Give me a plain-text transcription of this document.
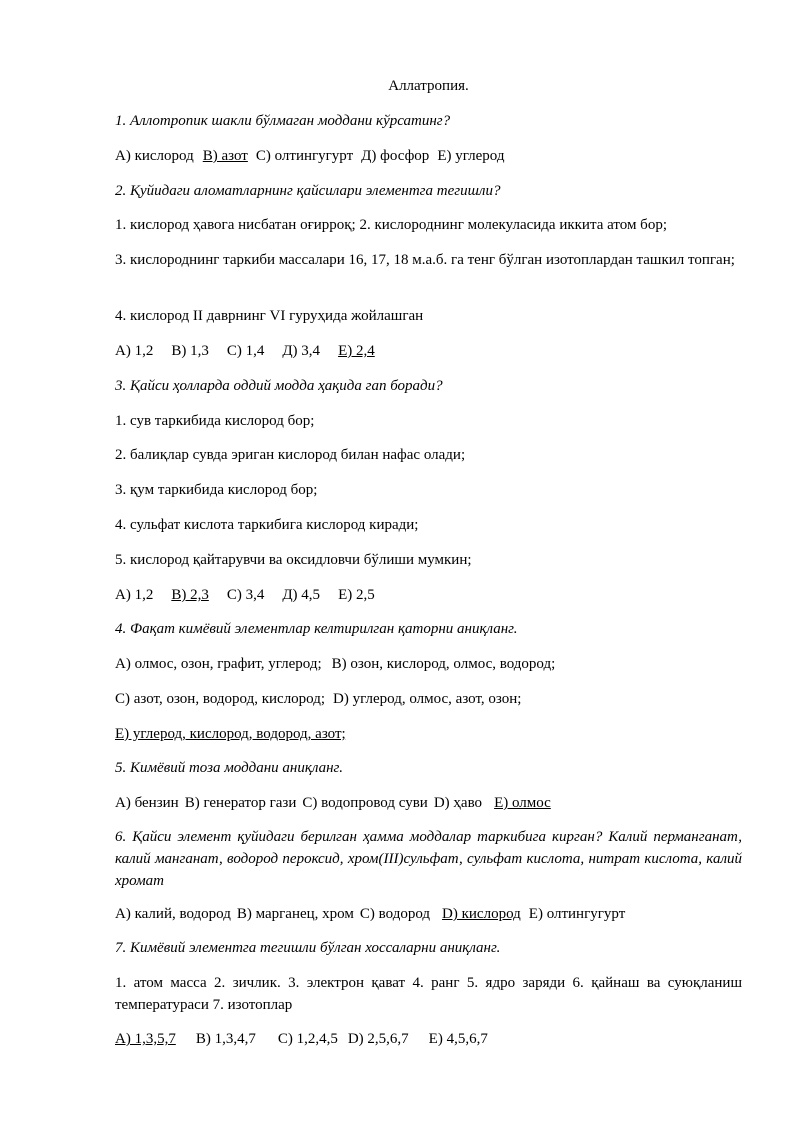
Аллатропия.
1. Аллотропик шакли бўлмаган моддани кўрсатинг?
А) кислород В) азот С) олтингугурт Д) фосфор Е) углерод
2. Қуйидаги аломатларнинг қайсилари элементга тегишли?
1. кислород ҳавога нисбатан оғирроқ; 2. кислороднинг молекуласида иккита атом бор;
3. кислороднинг таркиби массалари 16, 17, 18 м.а.б. га тенг бўлган изотоплардан ташкил топган;
4. кислород II даврнинг VI гуруҳида жойлашган
А) 1,2 В) 1,3 С) 1,4 Д) 3,4 Е) 2,4
3. Қайси ҳолларда оддий модда ҳақида гап боради?
1. сув таркибида кислород бор;
2. балиқлар сувда эриган кислород билан нафас олади;
3. қум таркибида кислород бор;
4. сульфат кислота таркибига кислород киради;
5. кислород қайтарувчи ва оксидловчи бўлиши мумкин;
А) 1,2 В) 2,3 С) 3,4 Д) 4,5 Е) 2,5
4. Фақат кимёвий элементлар келтирилган қаторни аниқланг.
А) олмос, озон, графит, углерод; В) озон, кислород, олмос, водород;
С) азот, озон, водород, кислород; D) углерод, олмос, азот, озон;
Е) углерод, кислород, водород, азот;
5. Кимёвий тоза моддани аниқланг.
А) бензин В) генератор гази С) водопровод суви D) ҳаво Е) олмос
6. Қайси элемент қуйидаги берилган ҳамма моддалар таркибига кирган? Калий перманганат, калий манганат, водород пероксид, хром(III)сульфат, сульфат кислота, нитрат кислота, калий хромат
А) калий, водород В) марганец, хром С) водород D) кислород Е) олтингугурт
7. Кимёвий элементга тегишли бўлган хоссаларни аниқланг.
1. атом масса 2. зичлик. 3. электрон қават 4. ранг 5. ядро заряди 6. қайнаш ва суюқланиш температураси 7. изотоплар
А) 1,3,5,7 В) 1,3,4,7 С) 1,2,4,5 D) 2,5,6,7 Е) 4,5,6,7
